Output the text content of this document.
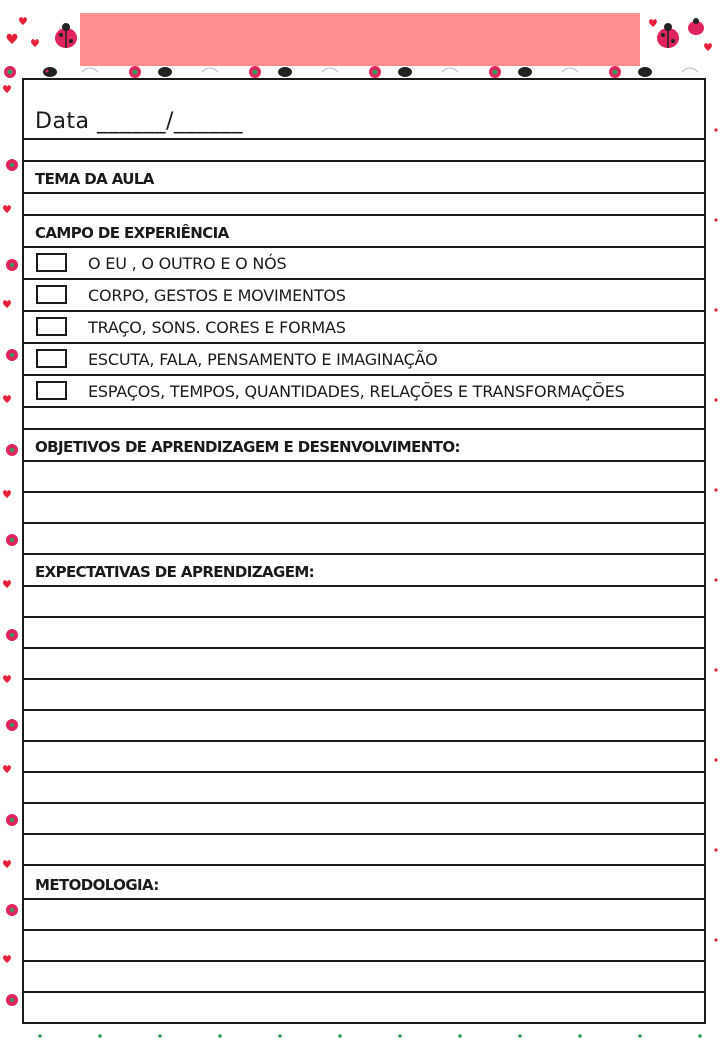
Data ______/______
TEMA DA AULA
CAMPO DE EXPERIÊNCIA
O EU , O OUTRO E O NÓS
CORPO, GESTOS E MOVIMENTOS
TRAÇO, SONS. CORES E FORMAS
ESCUTA, FALA, PENSAMENTO E IMAGINAÇÃO
ESPAÇOS, TEMPOS, QUANTIDADES, RELAÇÕES E TRANSFORMAÇÕES
OBJETIVOS DE APRENDIZAGEM E DESENVOLVIMENTO:
EXPECTATIVAS DE APRENDIZAGEM:
METODOLOGIA:
